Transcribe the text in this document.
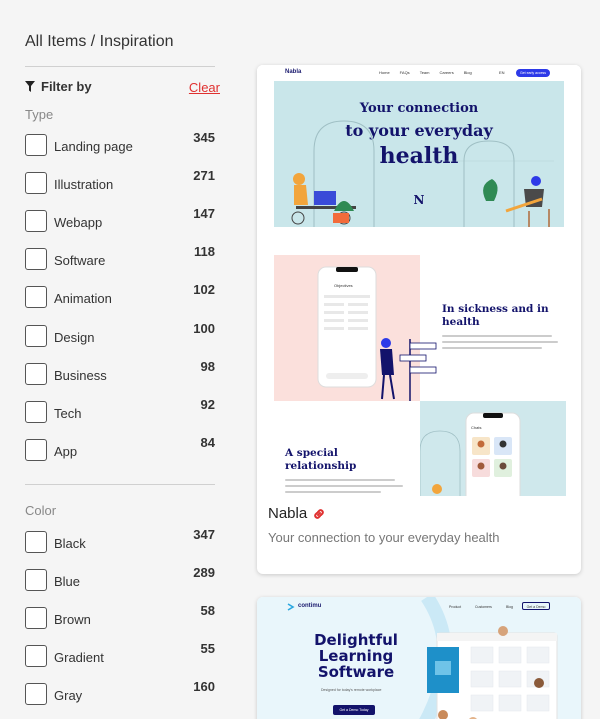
All Items / Inspiration
Filter by	Clear
Type
Landing page
345
Illustration
271
Webapp
147
Software
118
Animation
102
Design
100
Business
98
Tech
92
App
84
Color
Black
347
Blue
289
Brown
58
Gradient
55
Gray
160
Nabla	Home	FAQs	Team	Careers	Blog	EN	Get early access
Your connection
to your everyday
health
N
Objectives
In sickness and in health
A special relationship
Chats
Nabla
Your connection to your everyday health
contimu	Product	Customers	Blog	Get a Demo
Delightful Learning Software
Designed for today's remote workplace
Get a Demo Today
